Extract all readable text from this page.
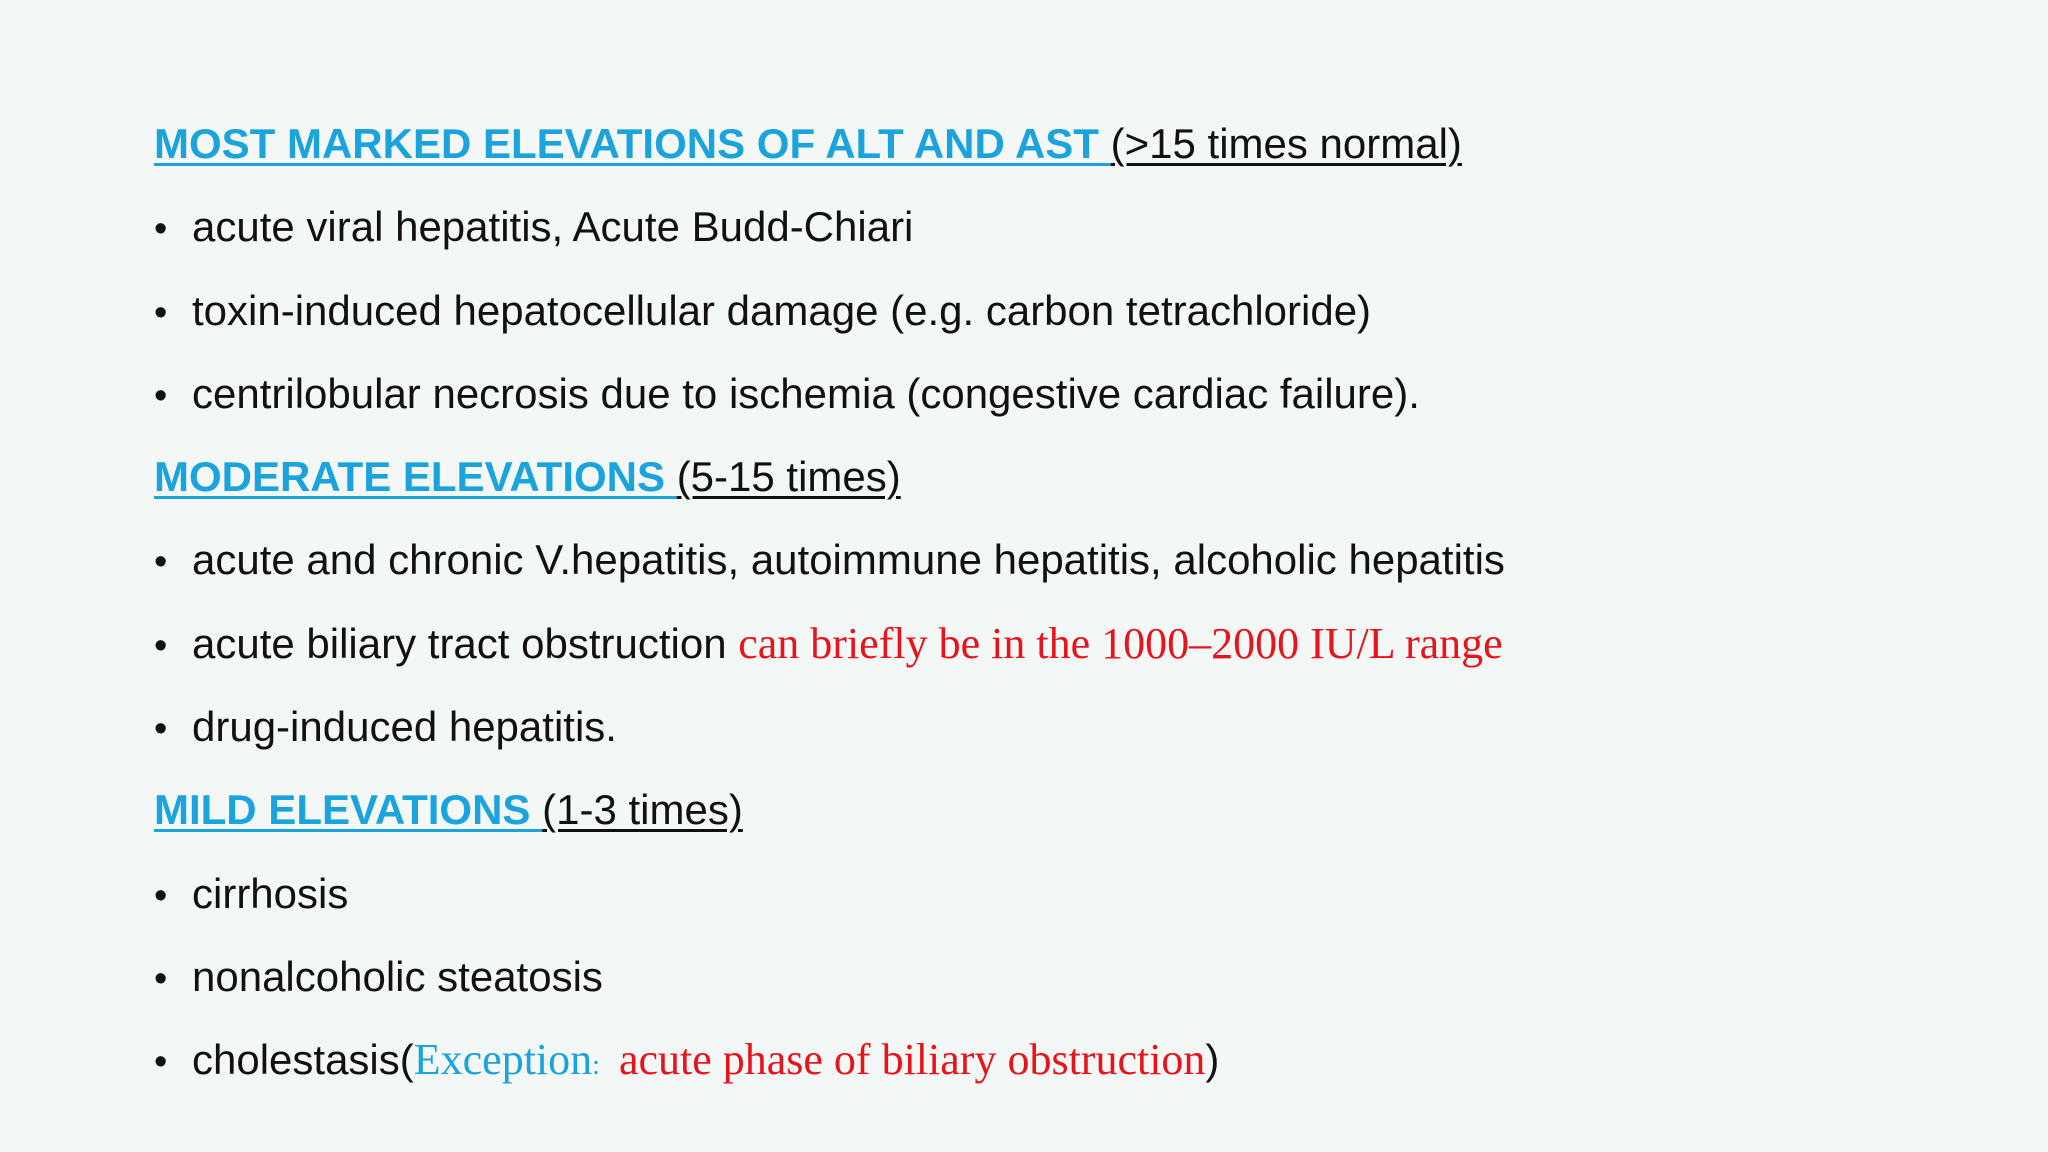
MOST MARKED ELEVATIONS OF ALT AND AST (>15 times normal)
• acute viral hepatitis, Acute Budd-Chiari
• toxin-induced hepatocellular damage (e.g. carbon tetrachloride)
• centrilobular necrosis due to ischemia (congestive cardiac failure).
MODERATE ELEVATIONS (5-15 times)
• acute and chronic V.hepatitis, autoimmune hepatitis, alcoholic hepatitis
• acute biliary tract obstruction can briefly be in the 1000–2000 IU/L range
• drug-induced hepatitis.
MILD ELEVATIONS (1-3 times)
• cirrhosis
• nonalcoholic steatosis
• cholestasis(Exception: acute phase of biliary obstruction)
